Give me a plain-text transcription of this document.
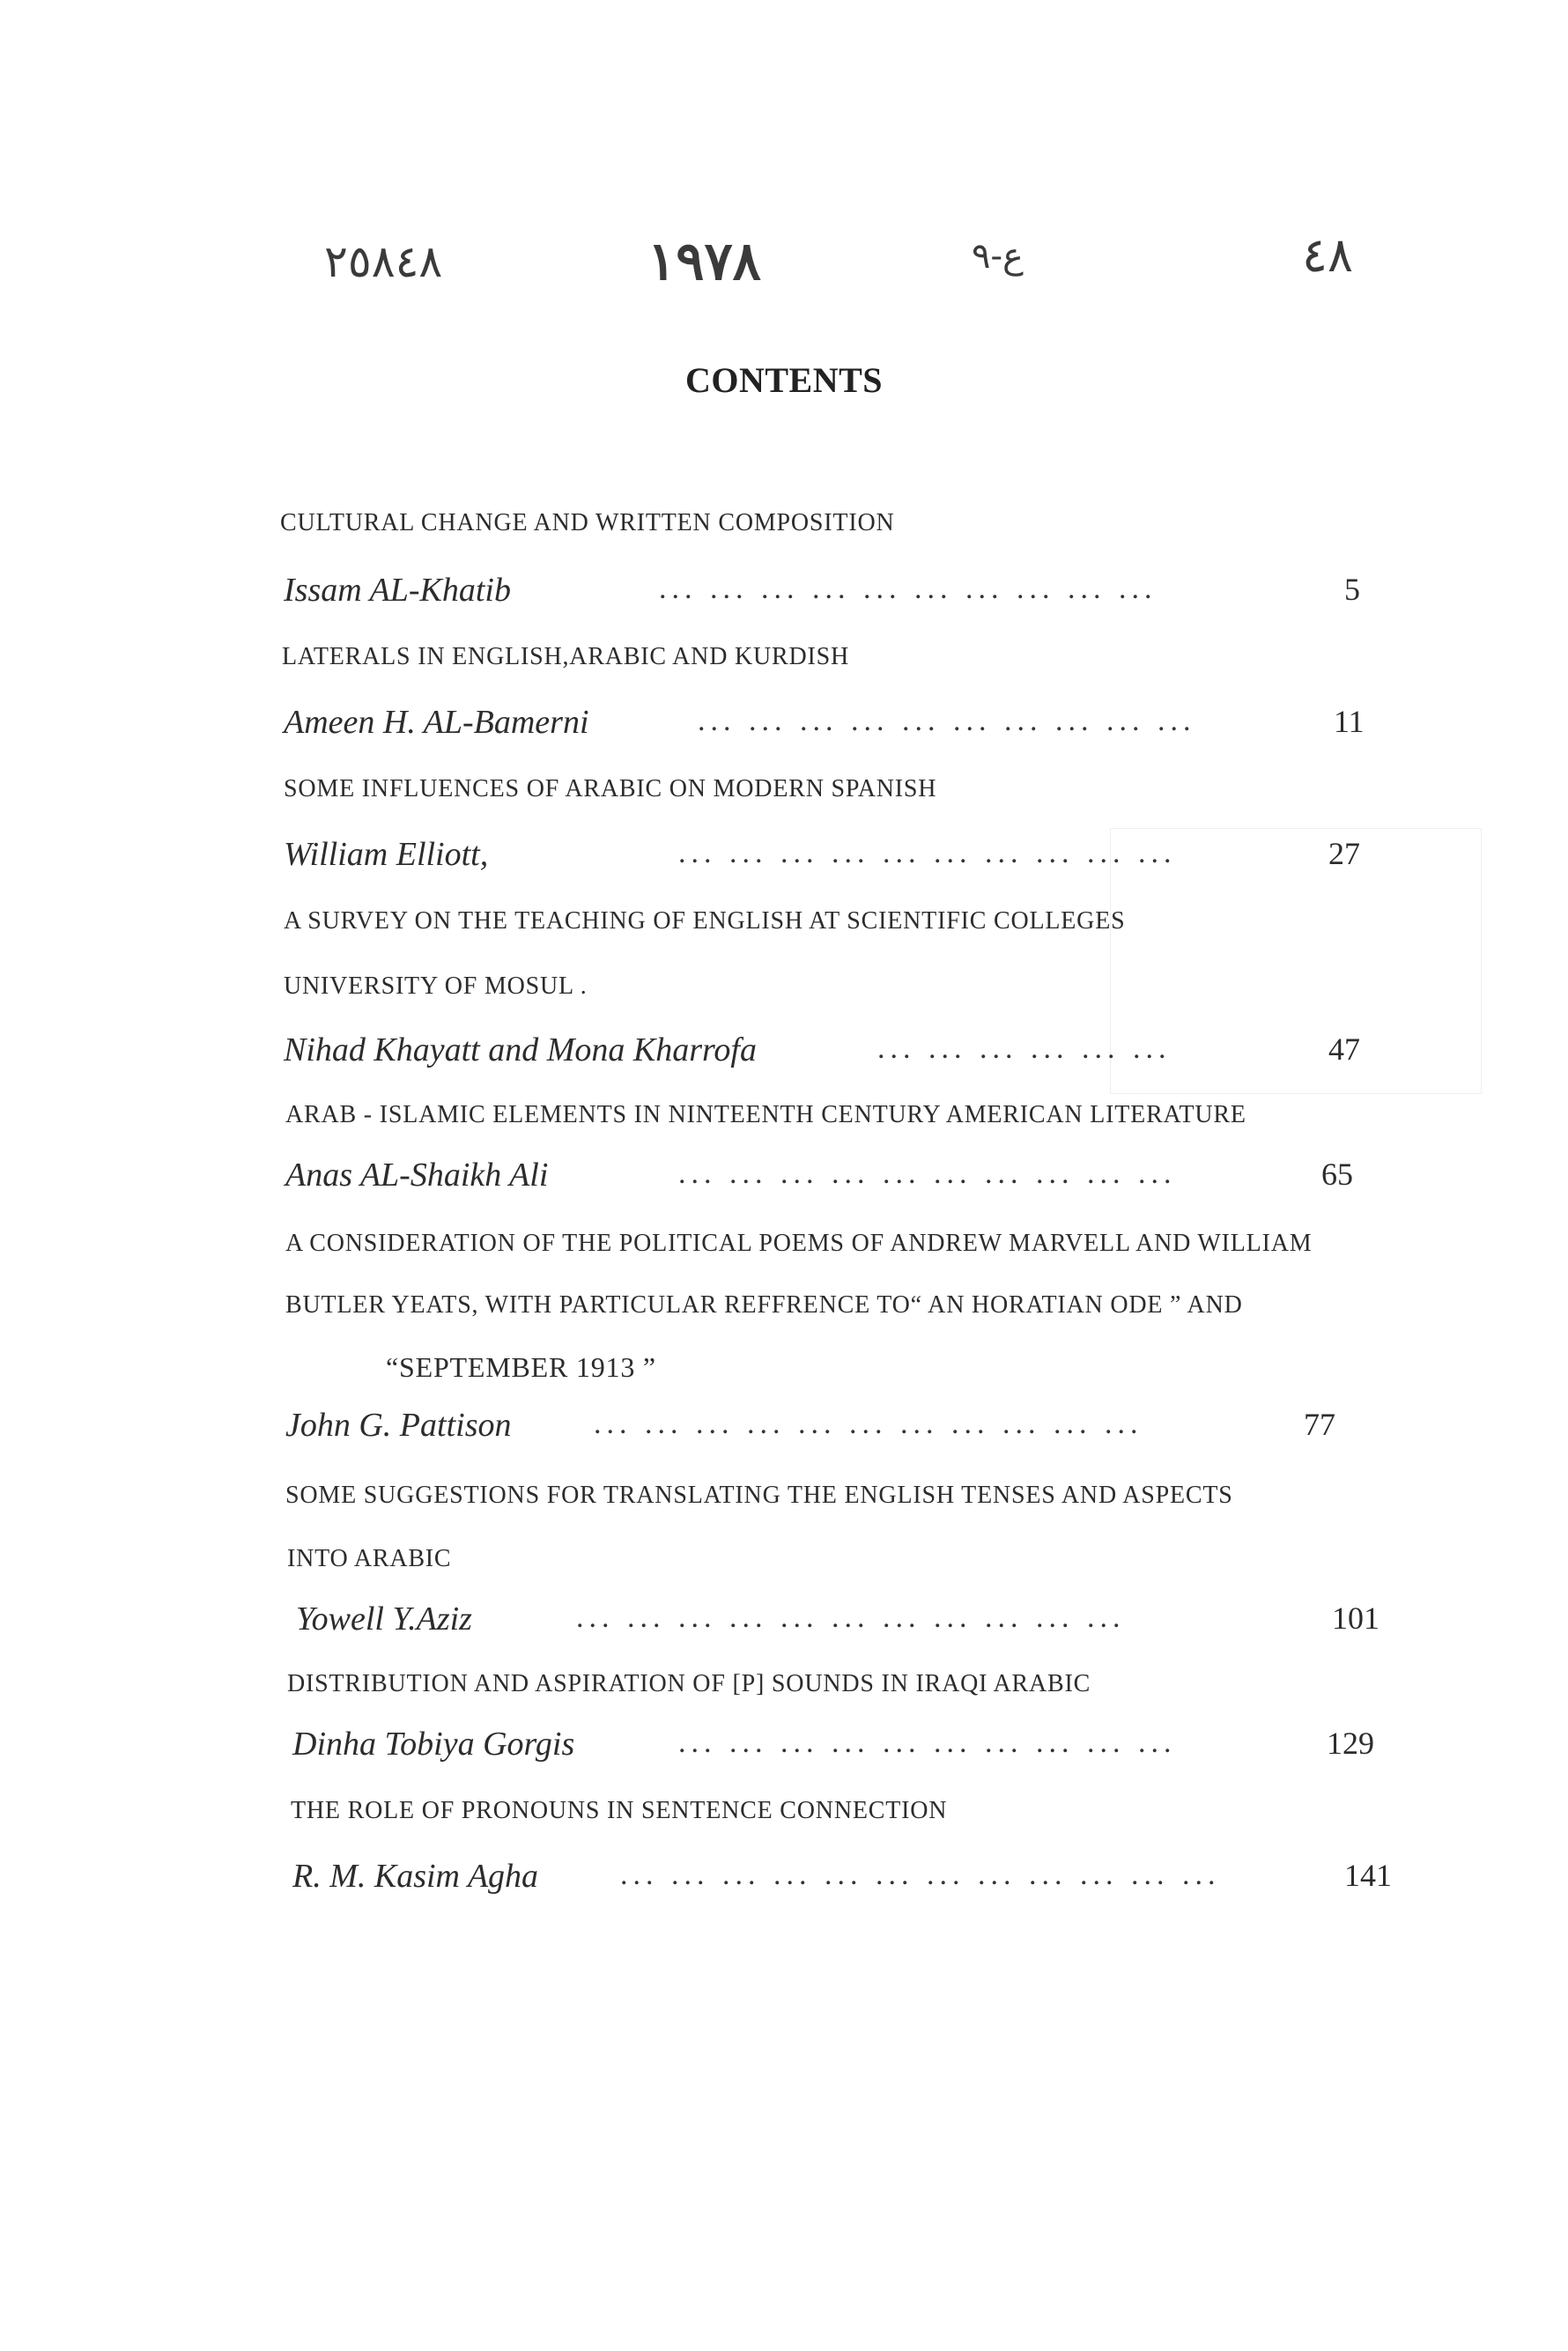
٢٥٨٤٨	١٩٧٨	ع-٩	٤٨
CONTENTS
CULTURAL CHANGE AND WRITTEN COMPOSITION
Issam AL-Khatib	... ... ... ... ... ... ... ... ... ...	5
LATERALS IN ENGLISH,ARABIC AND KURDISH
Ameen H. AL-Bamerni	... ... ... ... ... ... ... ... ... ...	11
SOME INFLUENCES OF ARABIC ON MODERN SPANISH
William Elliott,	... ... ... ... ... ... ... ... ... ...	27
A SURVEY ON THE TEACHING OF ENGLISH AT SCIENTIFIC COLLEGES
UNIVERSITY OF MOSUL .
Nihad Khayatt and Mona Kharrofa	... ... ... ... ... ...	47
ARAB - ISLAMIC ELEMENTS IN NINTEENTH CENTURY AMERICAN LITERATURE
Anas AL-Shaikh Ali	... ... ... ... ... ... ... ... ... ...	65
A CONSIDERATION OF THE POLITICAL POEMS OF ANDREW MARVELL AND WILLIAM
BUTLER YEATS, WITH PARTICULAR REFFRENCE TO“ AN HORATIAN ODE ” AND
“SEPTEMBER 1913 ”
John G. Pattison	... ... ... ... ... ... ... ... ... ... ...	77
SOME SUGGESTIONS FOR TRANSLATING THE ENGLISH TENSES AND ASPECTS
INTO ARABIC
Yowell Y.Aziz	... ... ... ... ... ... ... ... ... ... ...	101
DISTRIBUTION AND ASPIRATION OF [P] SOUNDS IN IRAQI ARABIC
Dinha Tobiya Gorgis	... ... ... ... ... ... ... ... ... ...	129
THE ROLE OF PRONOUNS IN SENTENCE CONNECTION
R. M. Kasim Agha	... ... ... ... ... ... ... ... ... ... ... ...	141
